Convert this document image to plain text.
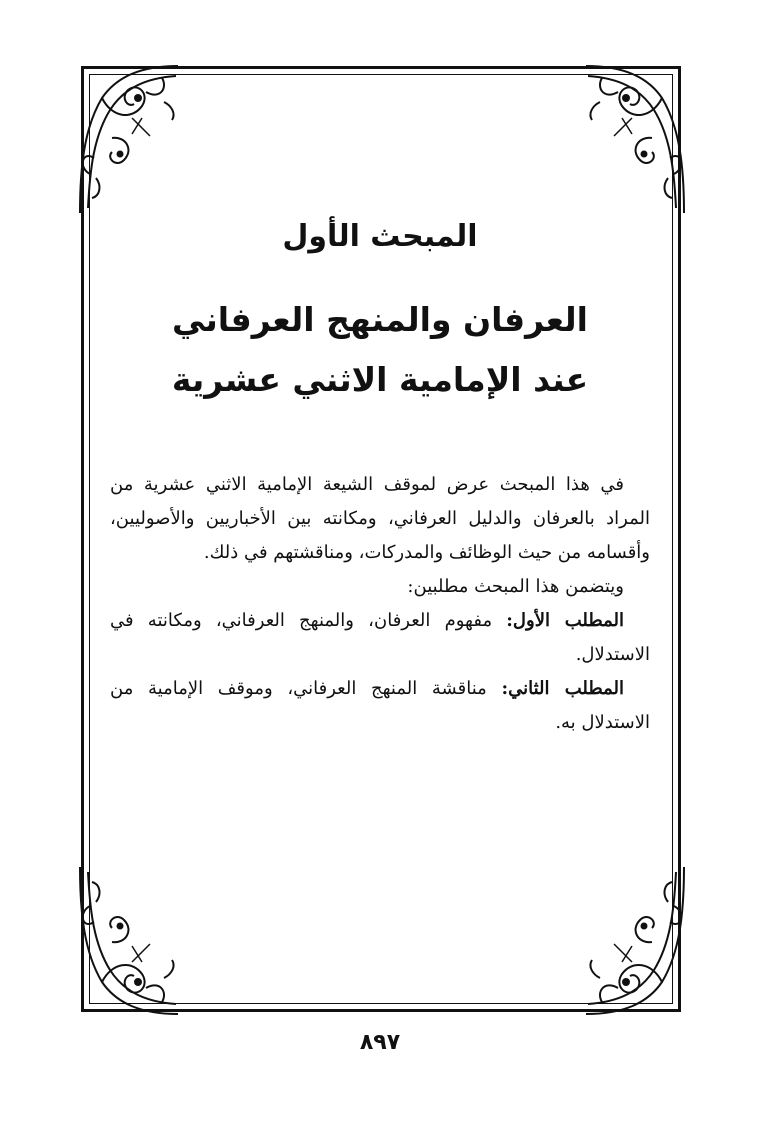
المبحث الأول
العرفان والمنهج العرفاني
عند الإمامية الاثني عشرية

في هذا المبحث عرض لموقف الشيعة الإمامية الاثني عشرية من المراد بالعرفان والدليل العرفاني، ومكانته بين الأخباريين والأصوليين، وأقسامه من حيث الوظائف والمدركات، ومناقشتهم في ذلك.

ويتضمن هذا المبحث مطلبين:

المطلب الأول: مفهوم العرفان، والمنهج العرفاني، ومكانته في الاستدلال.

المطلب الثاني: مناقشة المنهج العرفاني، وموقف الإمامية من الاستدلال به.

٨٩٧
